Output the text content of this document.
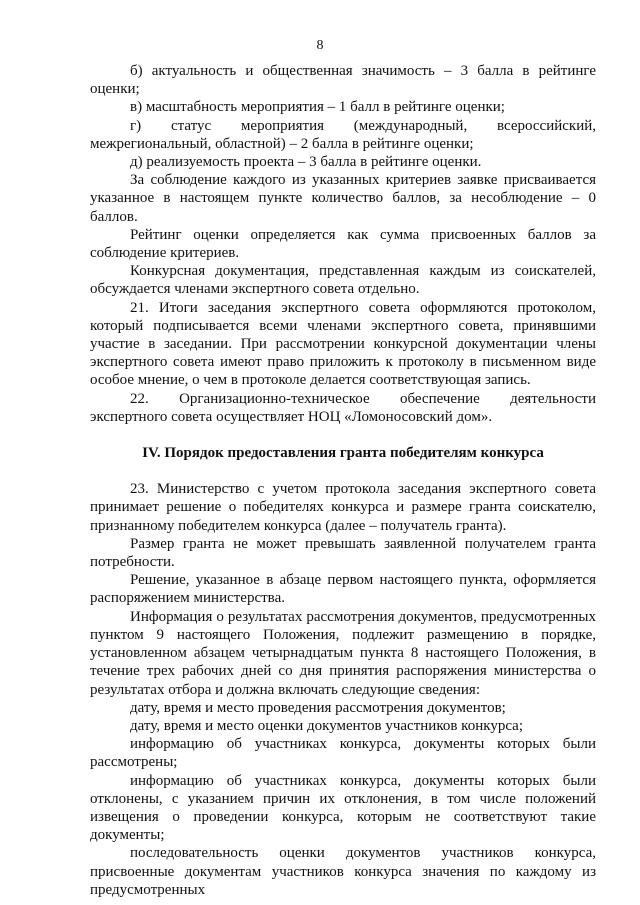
8

б) актуальность и общественная значимость – 3 балла в рейтинге оценки;

в) масштабность мероприятия – 1 балл в рейтинге оценки;

г) статус мероприятия (международный, всероссийский, межрегиональный, областной) – 2 балла в рейтинге оценки;

д) реализуемость проекта – 3 балла в рейтинге оценки.

За соблюдение каждого из указанных критериев заявке присваивается указанное в настоящем пункте количество баллов, за несоблюдение – 0 баллов.

Рейтинг оценки определяется как сумма присвоенных баллов за соблюдение критериев.

Конкурсная документация, представленная каждым из соискателей, обсуждается членами экспертного совета отдельно.

21. Итоги заседания экспертного совета оформляются протоколом, который подписывается всеми членами экспертного совета, принявшими участие в заседании. При рассмотрении конкурсной документации члены экспертного совета имеют право приложить к протоколу в письменном виде особое мнение, о чем в протоколе делается соответствующая запись.

22. Организационно-техническое обеспечение деятельности экспертного совета осуществляет НОЦ «Ломоносовский дом».

IV. Порядок предоставления гранта победителям конкурса

23. Министерство с учетом протокола заседания экспертного совета принимает решение о победителях конкурса и размере гранта соискателю, признанному победителем конкурса (далее – получатель гранта).

Размер гранта не может превышать заявленной получателем гранта потребности.

Решение, указанное в абзаце первом настоящего пункта, оформляется распоряжением министерства.

Информация о результатах рассмотрения документов, предусмотренных пунктом 9 настоящего Положения, подлежит размещению в порядке, установленном абзацем четырнадцатым пункта 8 настоящего Положения, в течение трех рабочих дней со дня принятия распоряжения министерства о результатах отбора и должна включать следующие сведения:

дату, время и место проведения рассмотрения документов;

дату, время и место оценки документов участников конкурса;

информацию об участниках конкурса, документы которых были рассмотрены;

информацию об участниках конкурса, документы которых были отклонены, с указанием причин их отклонения, в том числе положений извещения о проведении конкурса, которым не соответствуют такие документы;

последовательность оценки документов участников конкурса, присвоенные документам участников конкурса значения по каждому из предусмотренных
